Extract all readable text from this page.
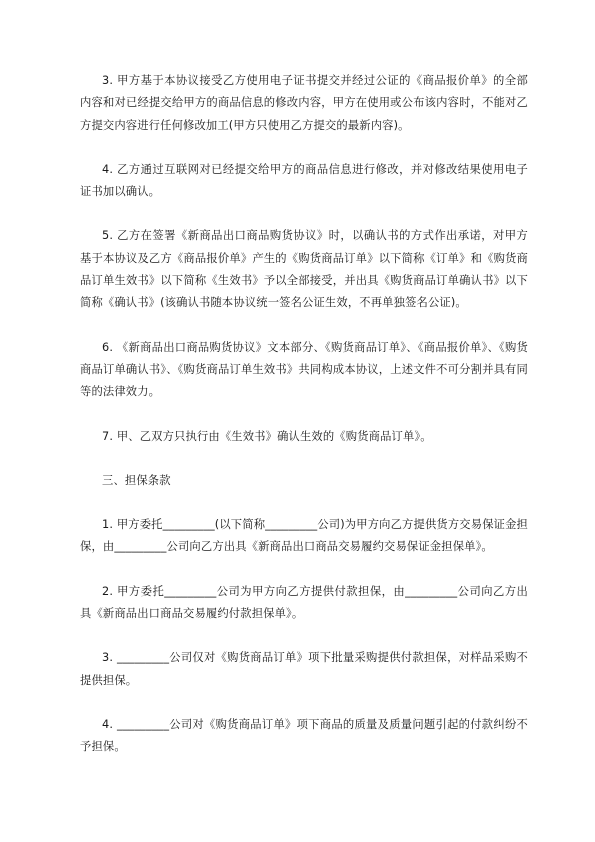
3. 甲方基于本协议接受乙方使用电子证书提交并经过公证的《商品报价单》的全部内容和对已经提交给甲方的商品信息的修改内容，甲方在使用或公布该内容时，不能对乙方提交内容进行任何修改加工(甲方只使用乙方提交的最新内容)。

4. 乙方通过互联网对已经提交给甲方的商品信息进行修改，并对修改结果使用电子证书加以确认。

5. 乙方在签署《新商品出口商品购货协议》时，以确认书的方式作出承诺，对甲方基于本协议及乙方《商品报价单》产生的《购货商品订单》以下简称《订单》和《购货商品订单生效书》以下简称《生效书》予以全部接受，并出具《购货商品订单确认书》以下简称《确认书》(该确认书随本协议统一签名公证生效，不再单独签名公证)。

6. 《新商品出口商品购货协议》文本部分、《购货商品订单》、《商品报价单》、《购货商品订单确认书》、《购货商品订单生效书》共同构成本协议，上述文件不可分割并具有同等的法律效力。

7. 甲、乙双方只执行由《生效书》确认生效的《购货商品订单》。

三、担保条款

1. 甲方委托_________(以下简称_________公司)为甲方向乙方提供货方交易保证金担保，由_________公司向乙方出具《新商品出口商品交易履约交易保证金担保单》。

2. 甲方委托_________公司为甲方向乙方提供付款担保，由_________公司向乙方出具《新商品出口商品交易履约付款担保单》。

3. _________公司仅对《购货商品订单》项下批量采购提供付款担保，对样品采购不提供担保。

4. _________公司对《购货商品订单》项下商品的质量及质量问题引起的付款纠纷不予担保。
